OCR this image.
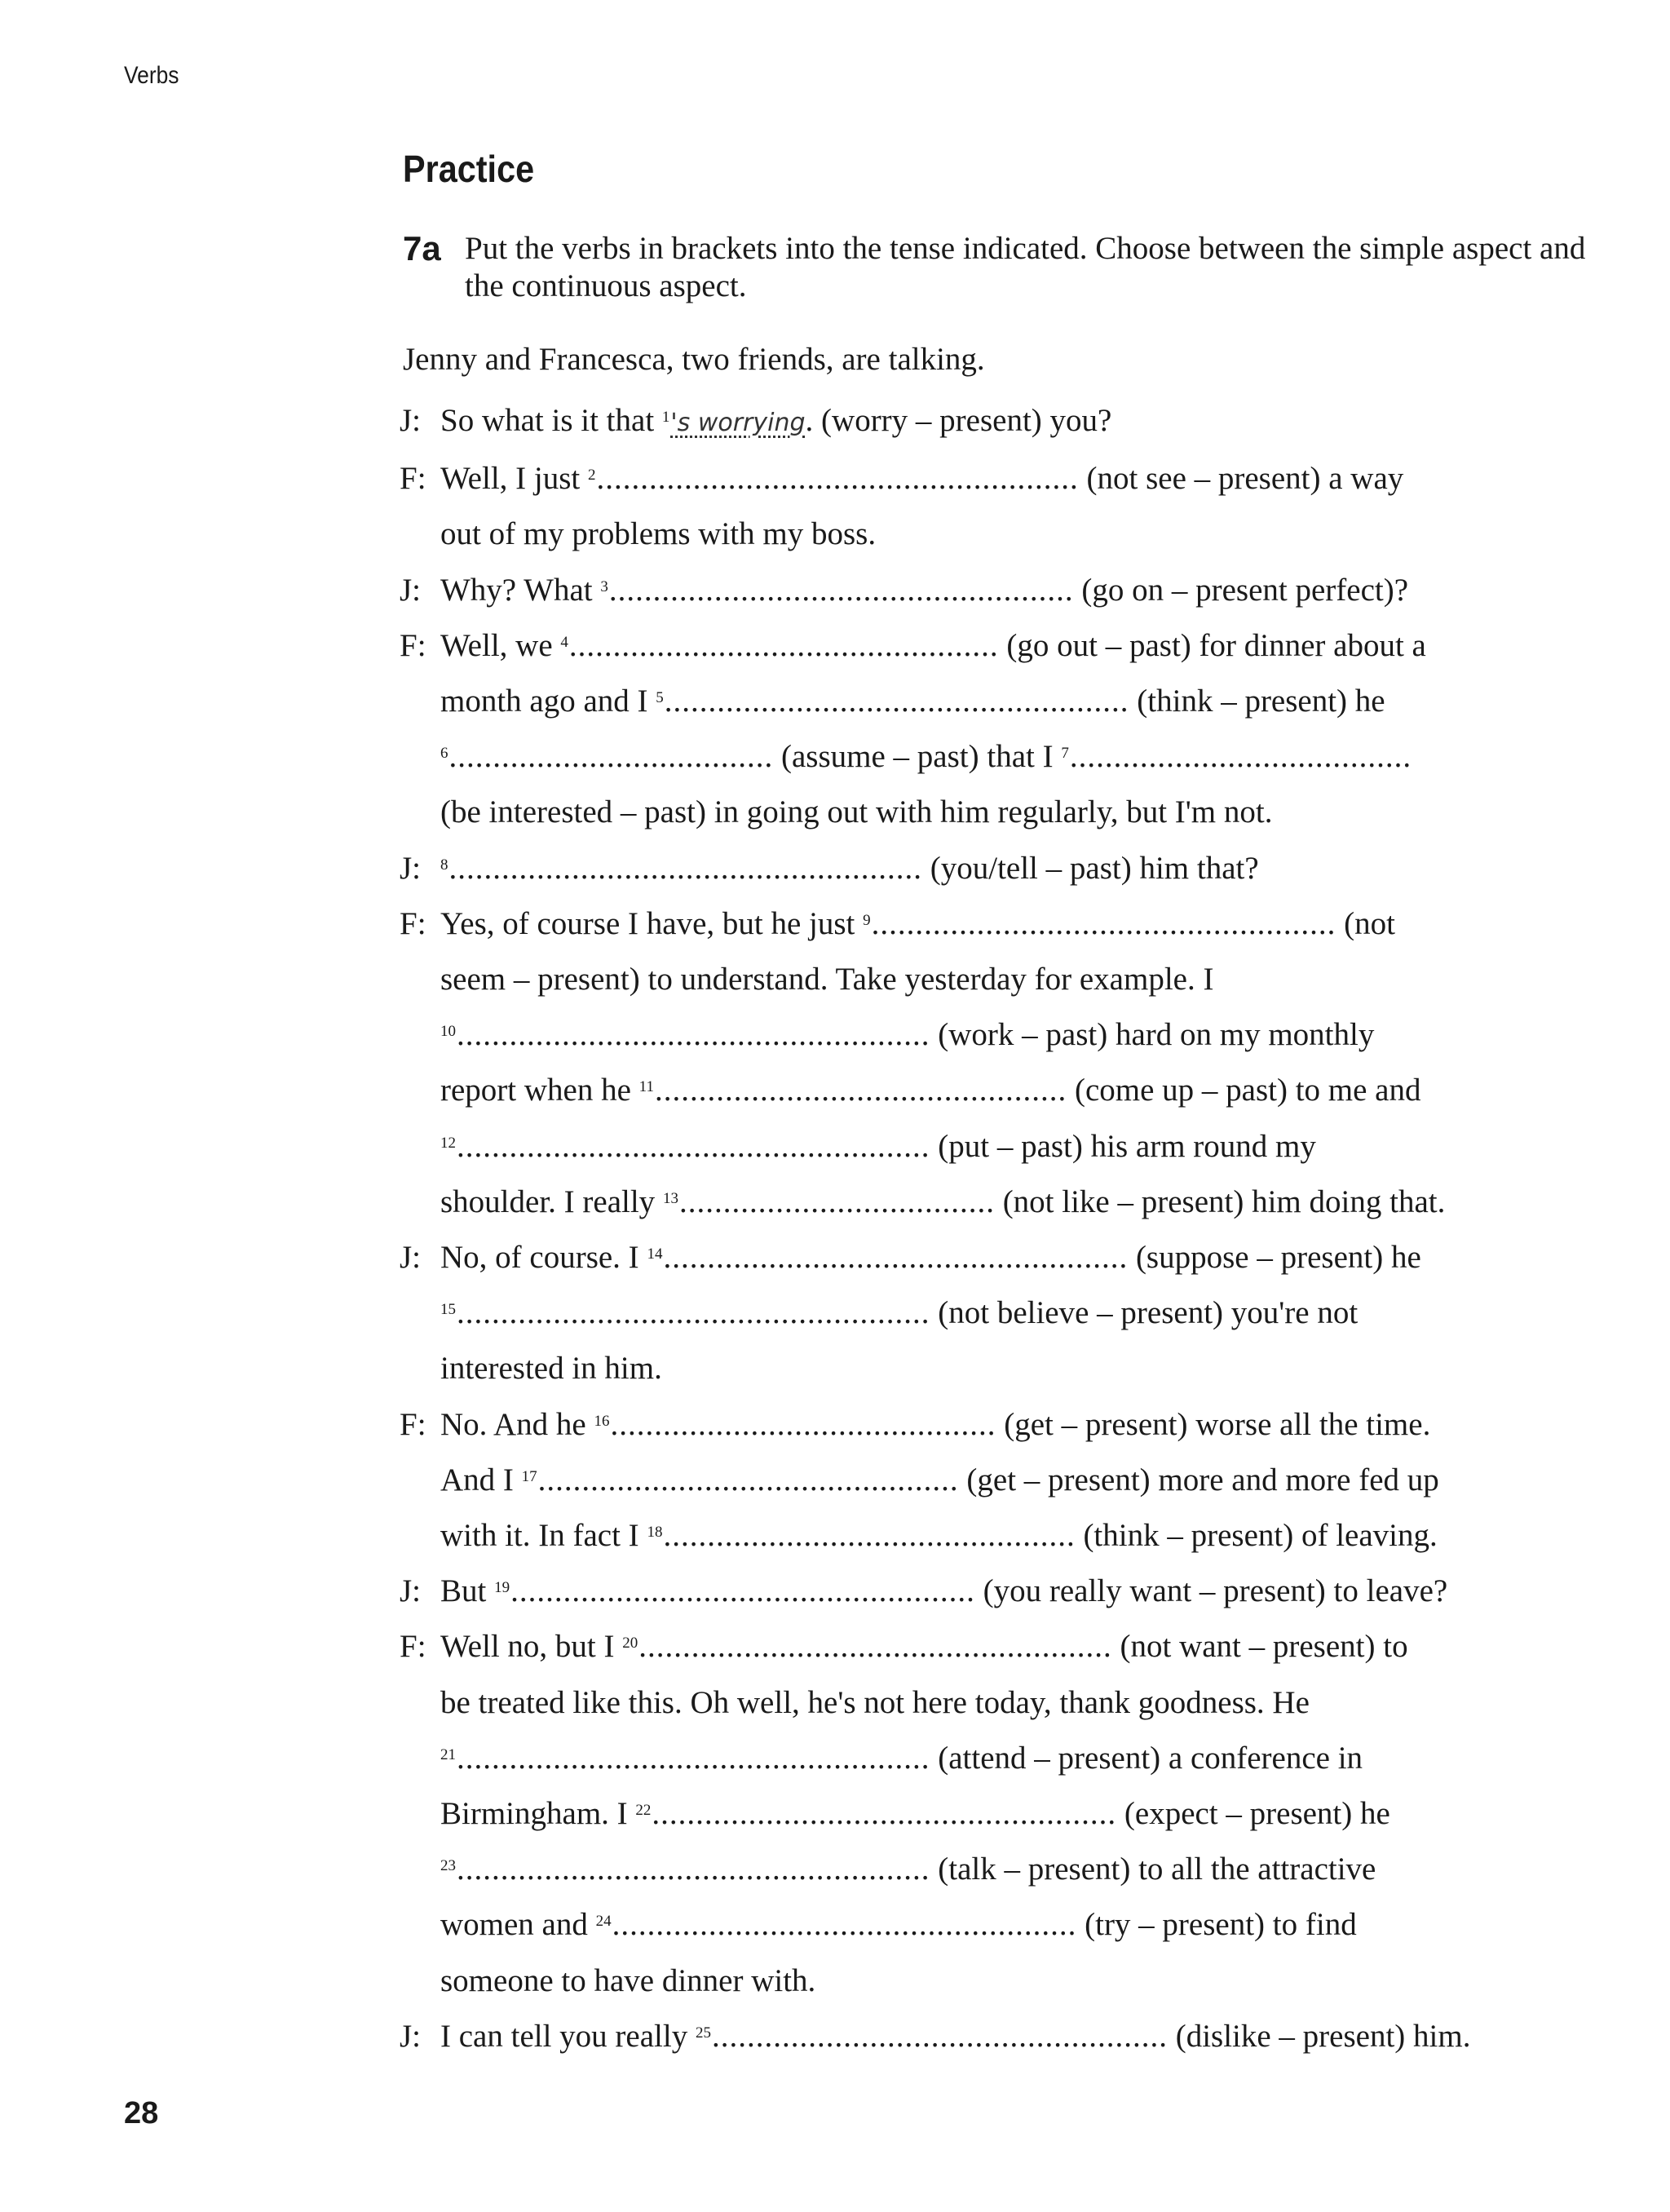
Verbs
Practice
7a Put the verbs in brackets into the tense indicated. Choose between the simple aspect and the continuous aspect.
Jenny and Francesca, two friends, are talking.
J: So what is it that $^1$'s worrying. (worry – present) you?
F: Well, I just $^2$....................................................... (not see – present) a way
out of my problems with my boss.
J: Why? What $^3$..................................................... (go on – present perfect)?
F: Well, we $^4$................................................. (go out – past) for dinner about a
month ago and I $^5$..................................................... (think – present) he
$^6$..................................... (assume – past) that I $^7$.......................................
(be interested – past) in going out with him regularly, but I'm not.
J:	$^8$...................................................... (you/tell – past) him that?
F: Yes, of course I have, but he just $^9$..................................................... (not
seem – present) to understand. Take yesterday for example. I
$^{10}$...................................................... (work – past) hard on my monthly
report when he $^{11}$............................................... (come up – past) to me and
$^{12}$...................................................... (put – past) his arm round my
shoulder. I really $^{13}$.................................... (not like – present) him doing that.
J: No, of course. I $^{14}$..................................................... (suppose – present) he
$^{15}$...................................................... (not believe – present) you're not
interested in him.
F: No. And he $^{16}$............................................ (get – present) worse all the time.
And I $^{17}$................................................ (get – present) more and more fed up
with it. In fact I $^{18}$............................................... (think – present) of leaving.
J: But $^{19}$..................................................... (you really want – present) to leave?
F: Well no, but I $^{20}$...................................................... (not want – present) to
be treated like this. Oh well, he's not here today, thank goodness. He
$^{21}$...................................................... (attend – present) a conference in
Birmingham. I $^{22}$..................................................... (expect – present) he
$^{23}$...................................................... (talk – present) to all the attractive
women and $^{24}$..................................................... (try – present) to find
someone to have dinner with.
J: I can tell you really $^{25}$.................................................... (dislike – present) him.
28
